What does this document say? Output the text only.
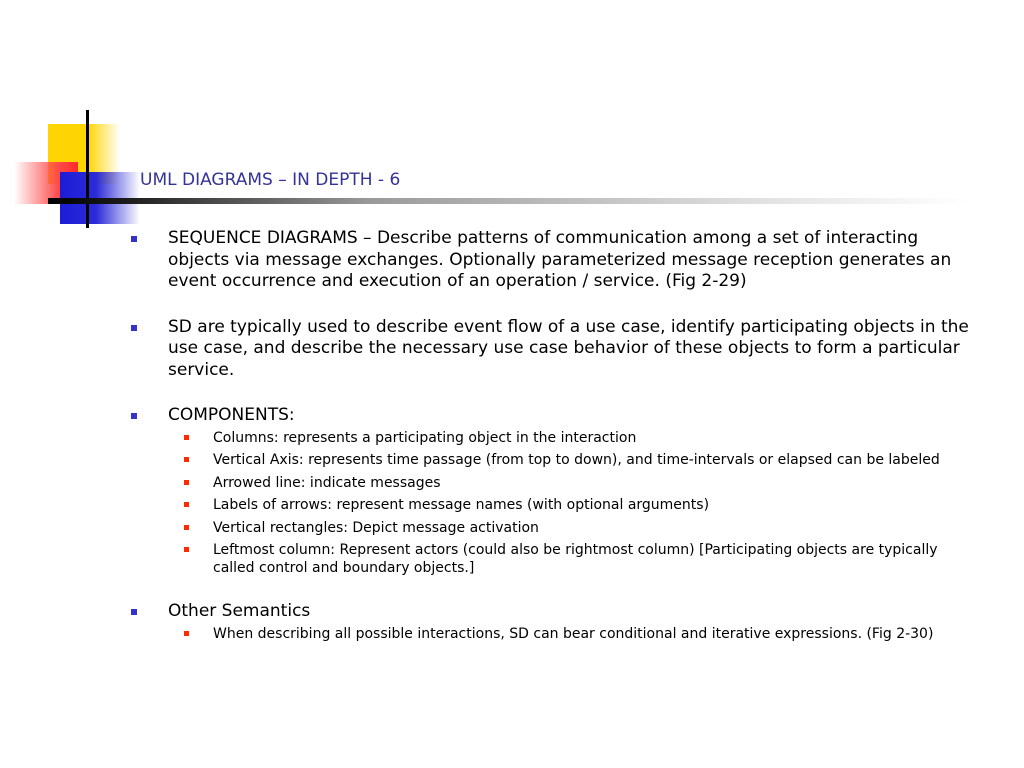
UML DIAGRAMS – IN DEPTH - 6
SEQUENCE DIAGRAMS – Describe patterns of communication among a set of interacting objects via message exchanges. Optionally parameterized message reception generates an event occurrence and execution of an operation / service. (Fig 2-29)
SD are typically used to describe event flow of a use case, identify participating objects in the use case, and describe the necessary use case behavior of these objects to form a particular service.
COMPONENTS:
Columns: represents a participating object in the interaction
Vertical Axis: represents time passage (from top to down), and time-intervals or elapsed can be labeled
Arrowed line: indicate messages
Labels of arrows: represent message names (with optional arguments)
Vertical rectangles: Depict message activation
Leftmost column: Represent actors (could also be rightmost column) [Participating objects are typically called control and boundary objects.]
Other Semantics
When describing all possible interactions, SD can bear conditional and iterative expressions. (Fig 2-30)
